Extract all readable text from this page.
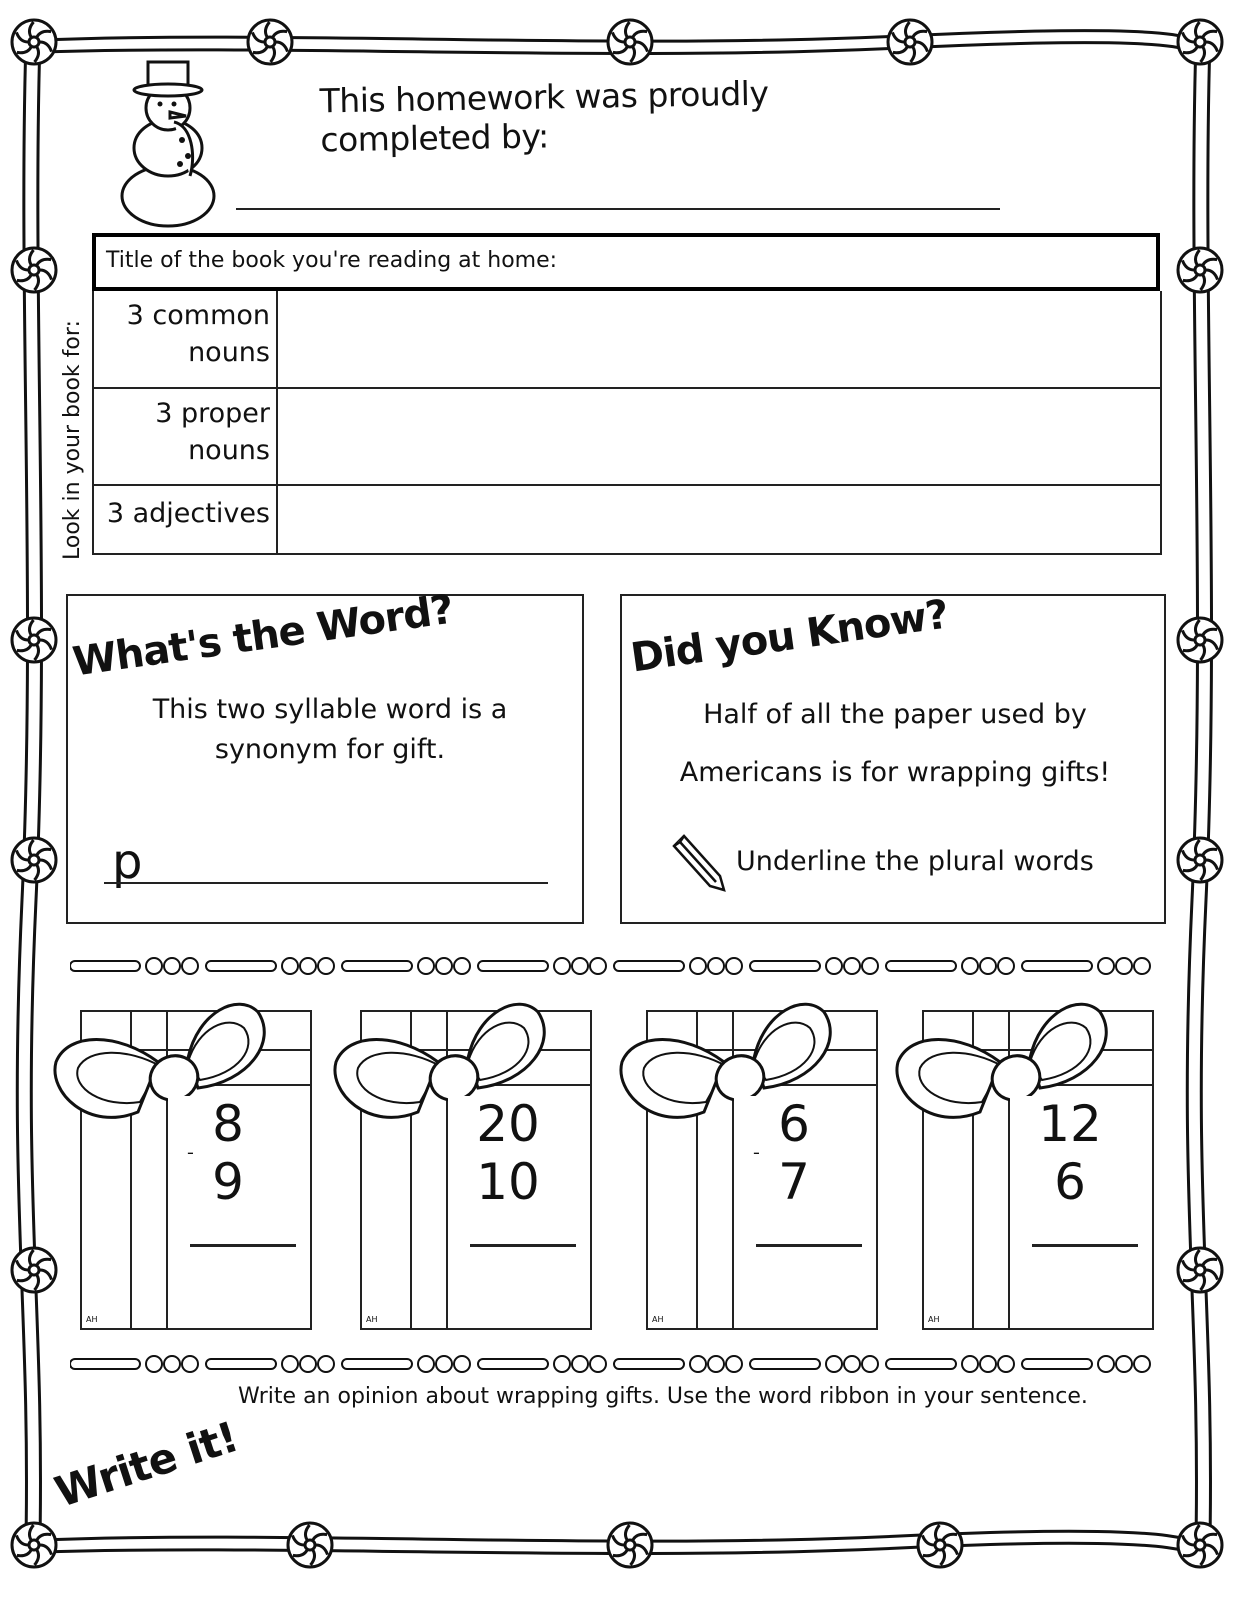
This homework was proudly completed by:
Title of the book you're reading at home:
Look in your book for:
3 common
nouns
3 proper
nouns
3 adjectives
What's the Word?
This two syllable word is a
synonym for gift.
p
Did you Know?
Half of all the paper used by
Americans is for wrapping gifts!
Underline the plural words
8
9
AH
20
10
AH
6
7
AH
12
6
AH
Write an opinion about wrapping gifts. Use the word ribbon in your sentence.
Write it!
